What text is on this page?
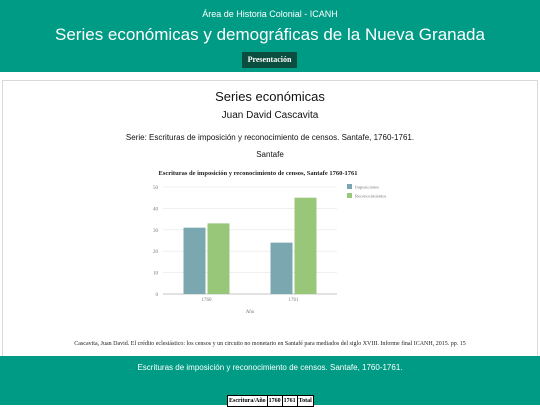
Área de Historia Colonial - ICANH
Series económicas y demográficas de la Nueva Granada
Presentación
Series económicas
Juan David Cascavita
Serie: Escrituras de imposición y reconocimiento de censos. Santafe, 1760-1761.
Santafe
Escrituras de imposición y reconocimiento de censos, Santafe 1760-1761
0
10
20
30
40
50
1760	1761
Año
Imposiciones
Reconocimientos
Cascavita, Juan David. El crédito eclesiástico: los censos y un circuito no monetario en Santafé para mediados del siglo XVIII. Informe final ICANH, 2015. pp. 15
Escrituras de imposición y reconocimiento de censos. Santafe, 1760-1761.
Escritura/Año	1760	1761	Total
